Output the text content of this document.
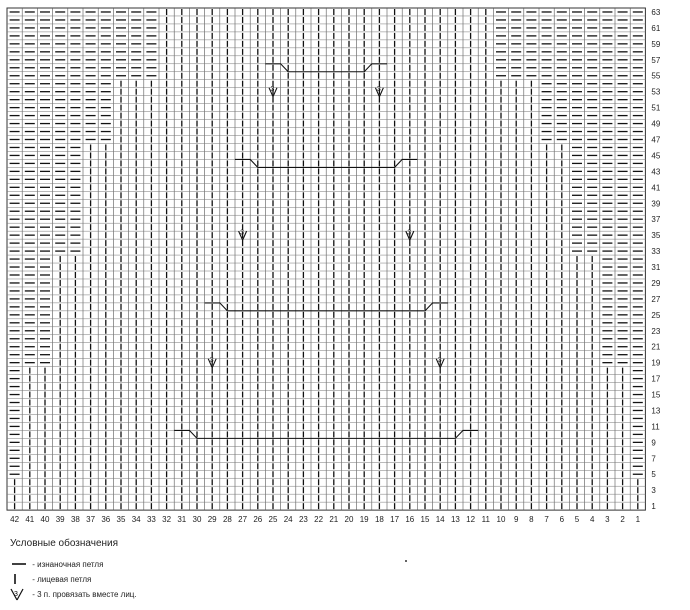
3	3
3	3
3	3
1
3
5
7
9
11
13
15
17
19
21
23
25
27
29
31
33
35
37
39
41
43
45
47
49
51
53
55
57
59
61
63
42 41 40 39 38 37 36 35 34 33 32 31 30 29 28 27 26 25 24 23 22 21 20 19 18 17 16 15 14 13 12 11 10 9 8 7 6 5 4 3 2 1
Условные обозначения
- изнаночная петля
- лицевая петля
3 - 3 п. провязать вместе лиц.
